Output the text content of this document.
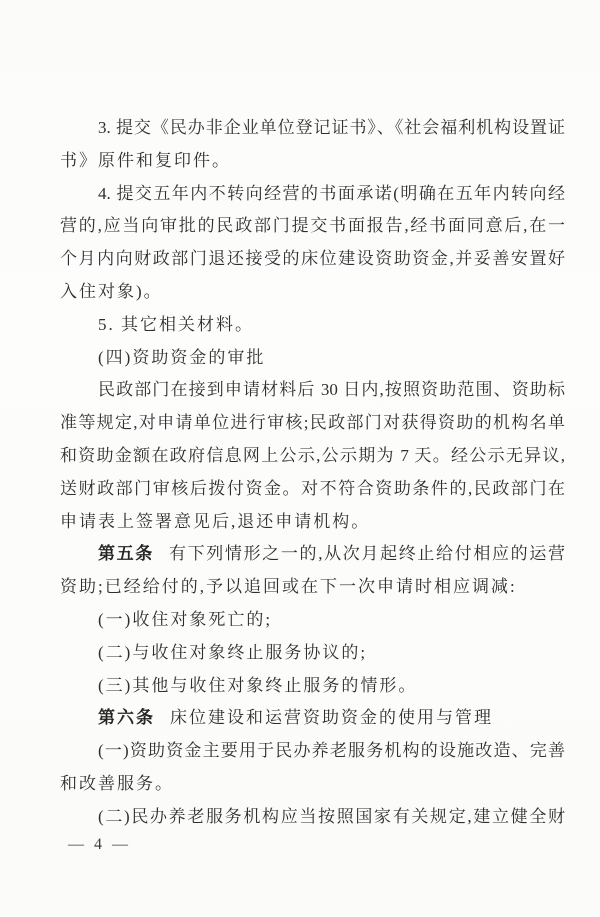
3. 提交《民办非企业单位登记证书》、《社会福利机构设置证
书》原件和复印件。
4. 提交五年内不转向经营的书面承诺(明确在五年内转向经
营的,应当向审批的民政部门提交书面报告,经书面同意后,在一
个月内向财政部门退还接受的床位建设资助资金,并妥善安置好
入住对象)。
5. 其它相关材料。
(四)资助资金的审批
民政部门在接到申请材料后 30 日内,按照资助范围、资助标
准等规定,对申请单位进行审核;民政部门对获得资助的机构名单
和资助金额在政府信息网上公示,公示期为 7 天。经公示无异议,
送财政部门审核后拨付资金。对不符合资助条件的,民政部门在
申请表上签署意见后,退还申请机构。
第五条 有下列情形之一的,从次月起终止给付相应的运营
资助;已经给付的,予以追回或在下一次申请时相应调减:
(一)收住对象死亡的;
(二)与收住对象终止服务协议的;
(三)其他与收住对象终止服务的情形。
第六条 床位建设和运营资助资金的使用与管理
(一)资助资金主要用于民办养老服务机构的设施改造、完善
和改善服务。
(二)民办养老服务机构应当按照国家有关规定,建立健全财
— 4 —
